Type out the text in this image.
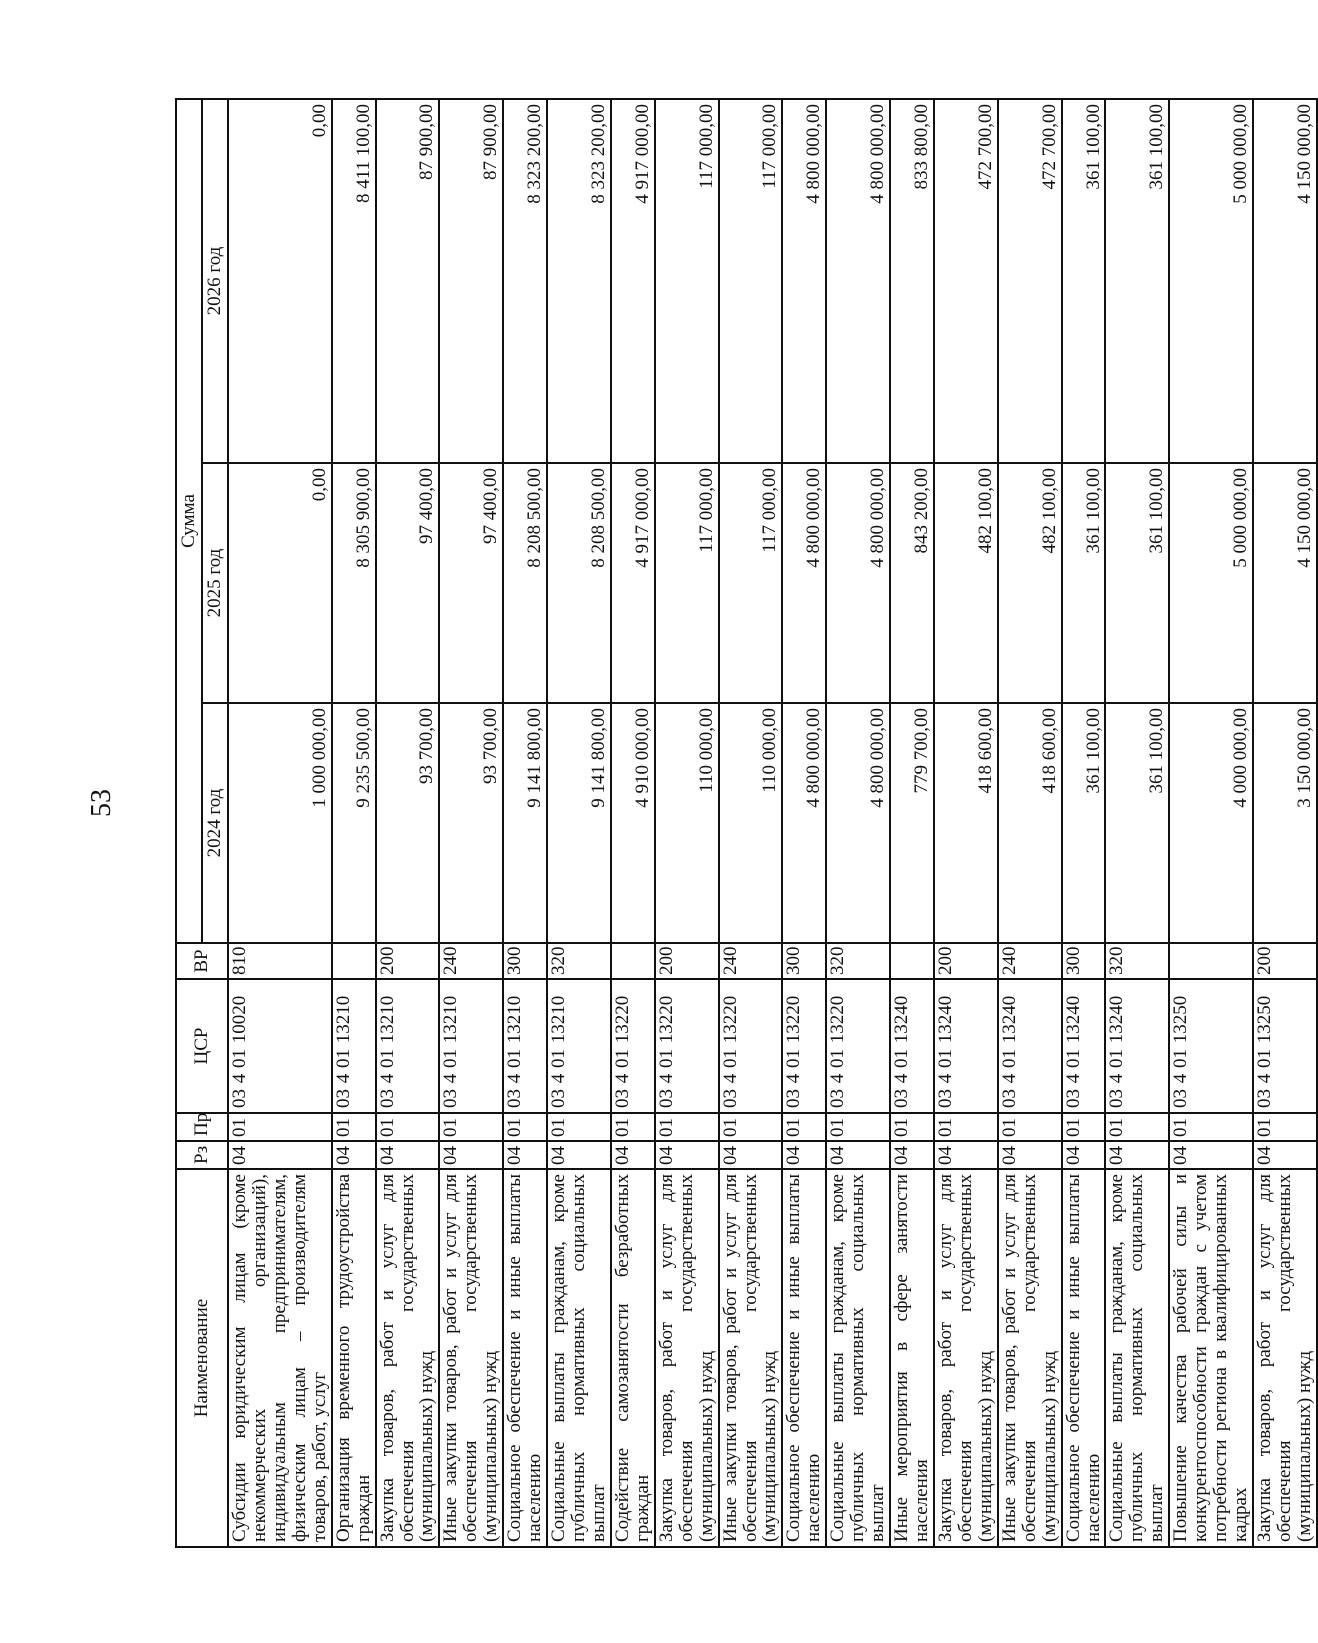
53
Наименование	Рз	Пр	ЦСР	ВР	Сумма		
					2024 год	2025 год	2026 год
Субсидии юридическим лицам (кроме некоммерческих организаций), индивидуальным предпринимателям, физическим лицам – производителям товаров, работ, услуг	04	01	03 4 01 10020	810	1 000 000,00	0,00	0,00
Организация временного трудоустройства граждан	04	01	03 4 01 13210		9 235 500,00	8 305 900,00	8 411 100,00
Закупка товаров, работ и услуг для обеспечения государственных (муниципальных) нужд	04	01	03 4 01 13210	200	93 700,00	97 400,00	87 900,00
Иные закупки товаров, работ и услуг для обеспечения государственных (муниципальных) нужд	04	01	03 4 01 13210	240	93 700,00	97 400,00	87 900,00
Социальное обеспечение и иные выплаты населению	04	01	03 4 01 13210	300	9 141 800,00	8 208 500,00	8 323 200,00
Социальные выплаты гражданам, кроме публичных нормативных социальных выплат	04	01	03 4 01 13210	320	9 141 800,00	8 208 500,00	8 323 200,00
Содействие самозанятости безработных граждан	04	01	03 4 01 13220		4 910 000,00	4 917 000,00	4 917 000,00
Закупка товаров, работ и услуг для обеспечения государственных (муниципальных) нужд	04	01	03 4 01 13220	200	110 000,00	117 000,00	117 000,00
Иные закупки товаров, работ и услуг для обеспечения государственных (муниципальных) нужд	04	01	03 4 01 13220	240	110 000,00	117 000,00	117 000,00
Социальное обеспечение и иные выплаты населению	04	01	03 4 01 13220	300	4 800 000,00	4 800 000,00	4 800 000,00
Социальные выплаты гражданам, кроме публичных нормативных социальных выплат	04	01	03 4 01 13220	320	4 800 000,00	4 800 000,00	4 800 000,00
Иные мероприятия в сфере занятости населения	04	01	03 4 01 13240		779 700,00	843 200,00	833 800,00
Закупка товаров, работ и услуг для обеспечения государственных (муниципальных) нужд	04	01	03 4 01 13240	200	418 600,00	482 100,00	472 700,00
Иные закупки товаров, работ и услуг для обеспечения государственных (муниципальных) нужд	04	01	03 4 01 13240	240	418 600,00	482 100,00	472 700,00
Социальное обеспечение и иные выплаты населению	04	01	03 4 01 13240	300	361 100,00	361 100,00	361 100,00
Социальные выплаты гражданам, кроме публичных нормативных социальных выплат	04	01	03 4 01 13240	320	361 100,00	361 100,00	361 100,00
Повышение качества рабочей силы и конкурентоспособности граждан с учетом потребности региона в квалифицированных кадрах	04	01	03 4 01 13250		4 000 000,00	5 000 000,00	5 000 000,00
Закупка товаров, работ и услуг для обеспечения государственных (муниципальных) нужд	04	01	03 4 01 13250	200	3 150 000,00	4 150 000,00	4 150 000,00
